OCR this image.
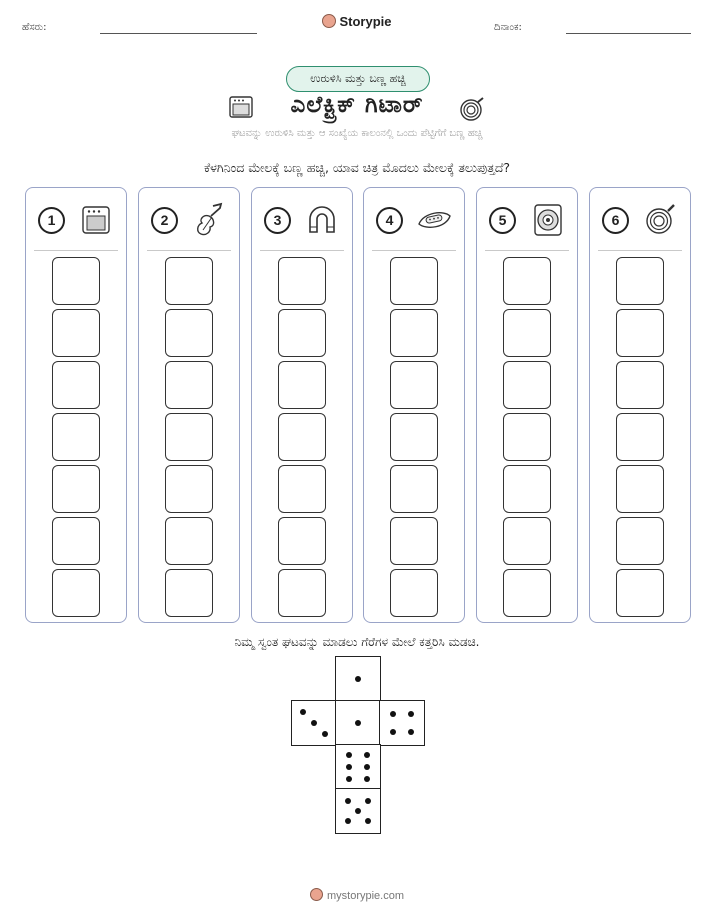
ಹೆಸರು:	ದಿನಾಂಕ:
Storypie
ಉರುಳಿಸಿ ಮತ್ತು ಬಣ್ಣ ಹಚ್ಚಿ
ಎಲೆಕ್ಟ್ರಿಕ್ ಗಿಟಾರ್
ಘಟವನ್ನು ಉರುಳಿಸಿ ಮತ್ತು ಆ ಸಂಖ್ಯೆಯ ಕಾಲಂನಲ್ಲಿ ಒಂದು ಪೆಟ್ಟಿಗೆಗೆ ಬಣ್ಣ ಹಚ್ಚಿ
ಕೆಳಗಿನಿಂದ ಮೇಲಕ್ಕೆ ಬಣ್ಣ ಹಚ್ಚಿ, ಯಾವ ಚಿತ್ರ ಮೊದಲು ಮೇಲಕ್ಕೆ ತಲುಪುತ್ತದೆ?
1	2	3	4	5	6
ನಿಮ್ಮ ಸ್ವಂತ ಘಟವನ್ನು ಮಾಡಲು ಗೆರೆಗಳ ಮೇಲೆ ಕತ್ತರಿಸಿ ಮಡಚಿ.
mystorypie.com
